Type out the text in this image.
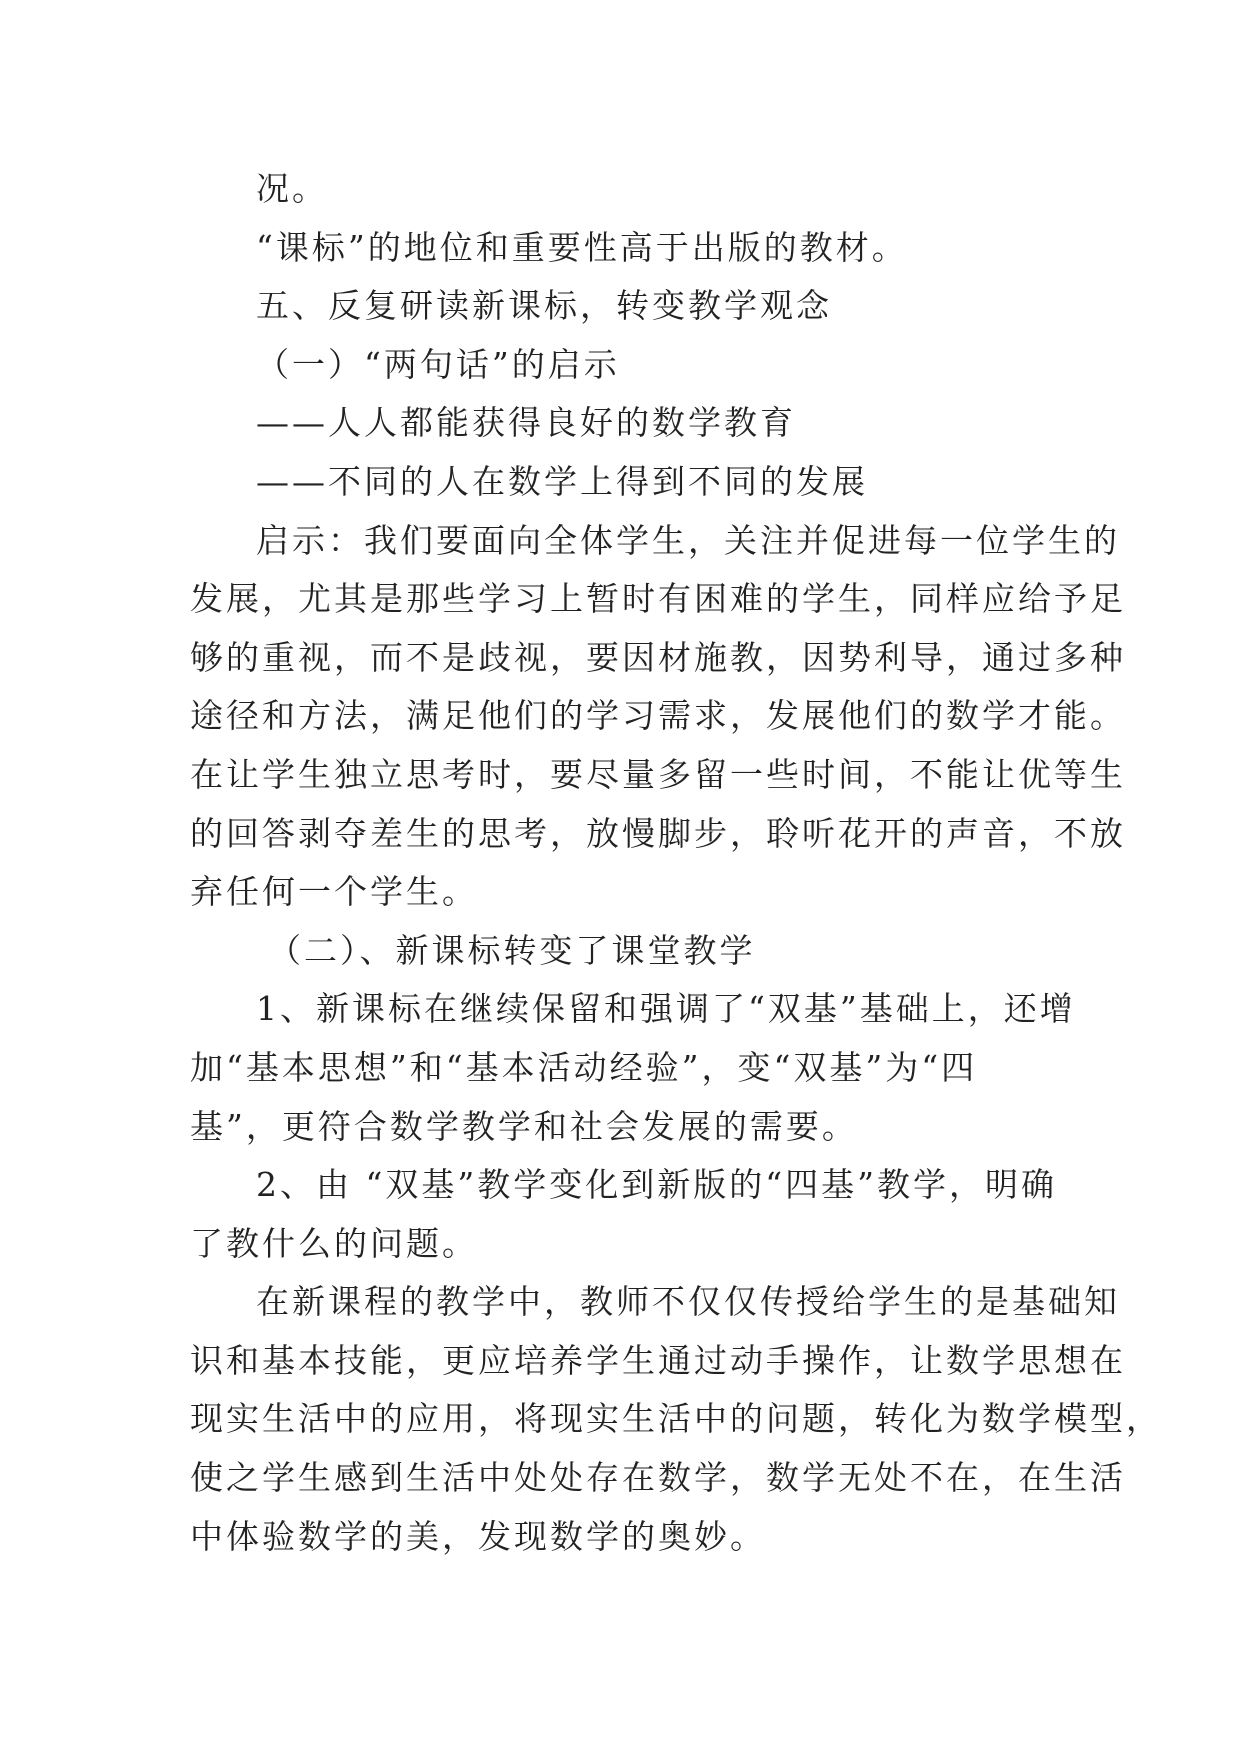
况。
“课标”的地位和重要性高于出版的教材。
五、反复研读新课标，转变教学观念
（一）“两句话”的启示
——人人都能获得良好的数学教育
——不同的人在数学上得到不同的发展
启示：我们要面向全体学生，关注并促进每一位学生的
发展，尤其是那些学习上暂时有困难的学生，同样应给予足
够的重视，而不是歧视，要因材施教，因势利导，通过多种
途径和方法，满足他们的学习需求，发展他们的数学才能。
在让学生独立思考时，要尽量多留一些时间，不能让优等生
的回答剥夺差生的思考，放慢脚步，聆听花开的声音，不放
弃任何一个学生。
（二）、新课标转变了课堂教学
1、新课标在继续保留和强调了“双基”基础上，还增
加“基本思想”和“基本活动经验”，变“双基”为“四
基”，更符合数学教学和社会发展的需要。
2、由 “双基”教学变化到新版的“四基”教学，明确
了教什么的问题。
在新课程的教学中，教师不仅仅传授给学生的是基础知
识和基本技能，更应培养学生通过动手操作，让数学思想在
现实生活中的应用，将现实生活中的问题，转化为数学模型，
使之学生感到生活中处处存在数学，数学无处不在，在生活
中体验数学的美，发现数学的奥妙。
